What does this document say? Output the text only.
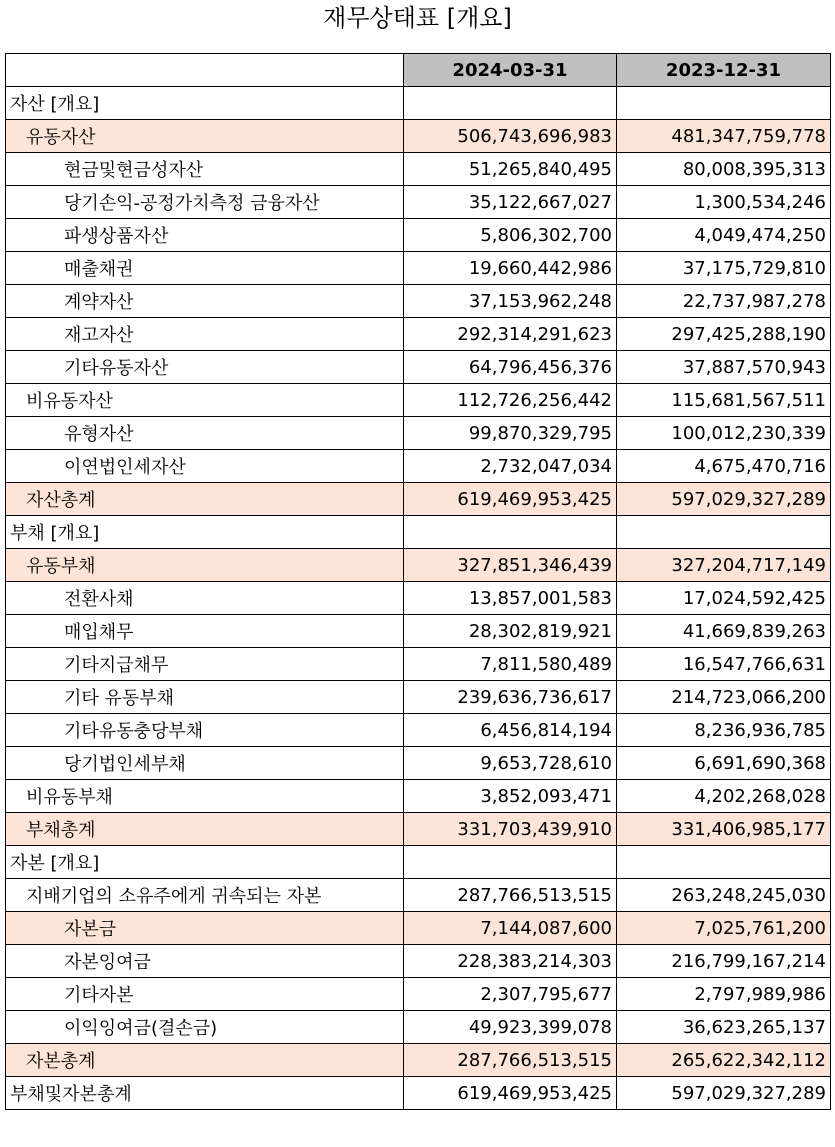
재무상태표 [개요]
	2024-03-31	2023-12-31
자산 [개요]		
유동자산	506,743,696,983	481,347,759,778
현금및현금성자산	51,265,840,495	80,008,395,313
당기손익-공정가치측정 금융자산	35,122,667,027	1,300,534,246
파생상품자산	5,806,302,700	4,049,474,250
매출채권	19,660,442,986	37,175,729,810
계약자산	37,153,962,248	22,737,987,278
재고자산	292,314,291,623	297,425,288,190
기타유동자산	64,796,456,376	37,887,570,943
비유동자산	112,726,256,442	115,681,567,511
유형자산	99,870,329,795	100,012,230,339
이연법인세자산	2,732,047,034	4,675,470,716
자산총계	619,469,953,425	597,029,327,289
부채 [개요]		
유동부채	327,851,346,439	327,204,717,149
전환사채	13,857,001,583	17,024,592,425
매입채무	28,302,819,921	41,669,839,263
기타지급채무	7,811,580,489	16,547,766,631
기타 유동부채	239,636,736,617	214,723,066,200
기타유동충당부채	6,456,814,194	8,236,936,785
당기법인세부채	9,653,728,610	6,691,690,368
비유동부채	3,852,093,471	4,202,268,028
부채총계	331,703,439,910	331,406,985,177
자본 [개요]		
지배기업의 소유주에게 귀속되는 자본	287,766,513,515	263,248,245,030
자본금	7,144,087,600	7,025,761,200
자본잉여금	228,383,214,303	216,799,167,214
기타자본	2,307,795,677	2,797,989,986
이익잉여금(결손금)	49,923,399,078	36,623,265,137
자본총계	287,766,513,515	265,622,342,112
부채및자본총계	619,469,953,425	597,029,327,289
